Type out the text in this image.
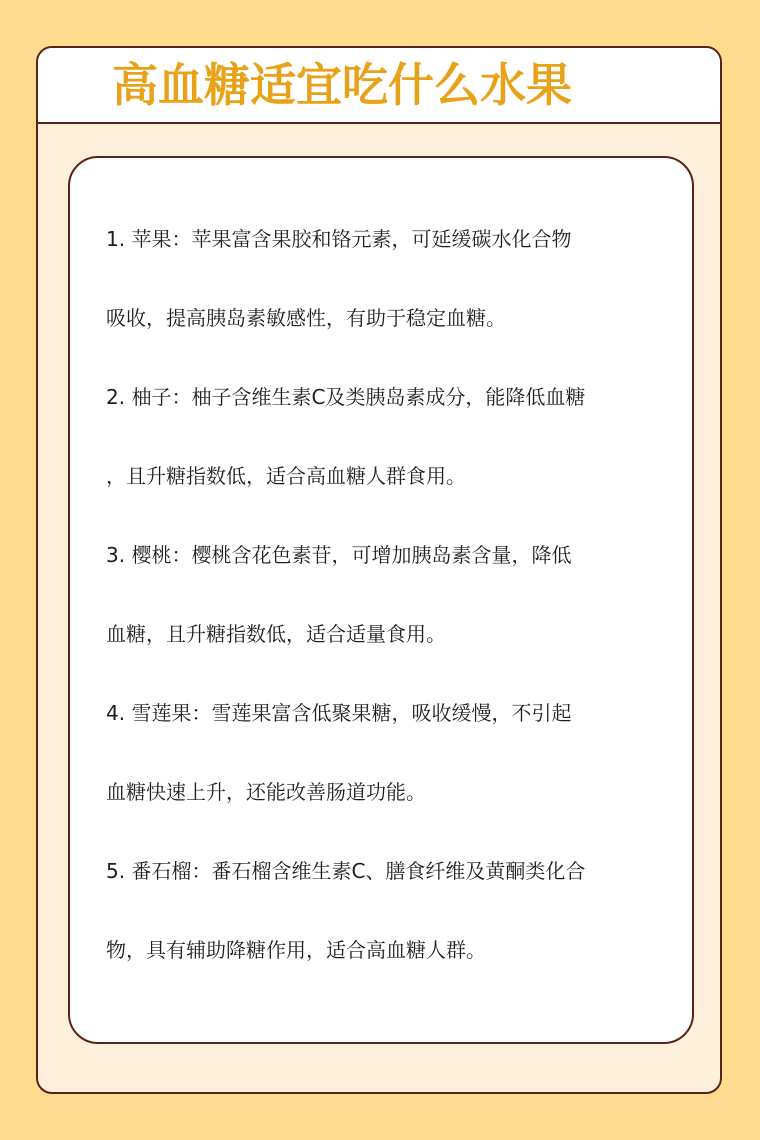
高血糖适宜吃什么水果
1. 苹果：苹果富含果胶和铬元素，可延缓碳水化合物
吸收，提高胰岛素敏感性，有助于稳定血糖。
2. 柚子：柚子含维生素C及类胰岛素成分，能降低血糖
，且升糖指数低，适合高血糖人群食用。
3. 樱桃：樱桃含花色素苷，可增加胰岛素含量，降低
血糖，且升糖指数低，适合适量食用。
4. 雪莲果：雪莲果富含低聚果糖，吸收缓慢，不引起
血糖快速上升，还能改善肠道功能。
5. 番石榴：番石榴含维生素C、膳食纤维及黄酮类化合
物，具有辅助降糖作用，适合高血糖人群。
